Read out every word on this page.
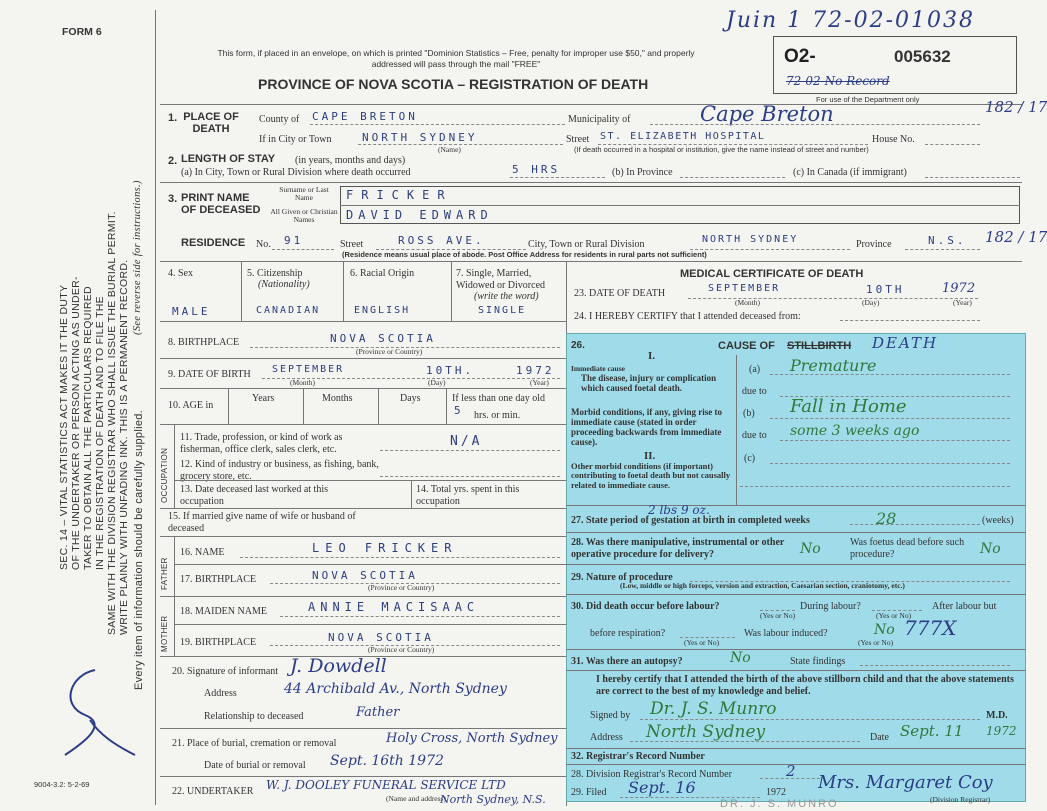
FORM 6	Juin 1 72-02-01038
O2-	005632
72-02-No Record
For use of the Department only
This form, if placed in an envelope, on which is printed "Dominion Statistics – Free, penalty for improper use $50," and properly addressed will pass through the mail "FREE"
PROVINCE OF NOVA SCOTIA – REGISTRATION OF DEATH
SEC. 14 – VITAL STATISTICS ACT MAKES IT THE DUTY OF THE UNDERTAKER OR PERSON ACTING AS UNDER- TAKER TO OBTAIN ALL THE PARTICULARS REQUIRED IN THE REGISTRATION OF DEATH AND TO FILE THE SAME WITH THE DIVISION REGISTRAR WHO SHALL ISSUE THE BURIAL PERMIT. WRITE PLAINLY WITH UNFADING INK. THIS IS A PERMANENT RECORD.
(See reverse side for instructions.)
Every item of information should be carefully supplied.
9004-3.2: 5-2-69
1. PLACE OF DEATH
County of CAPE BRETON	Municipality of	Cape Breton
If in City or Town	NORTH SYDNEY
(Name)
Street ST. ELIZABETH HOSPITAL	House No.
(If death occurred in a hospital or institution, give the name instead of street and number)
182 / 17
2. LENGTH OF STAY (in years, months and days)
(a) In City, Town or Rural Division where death occurred	5 HRS	(b) In Province	(c) In Canada (if immigrant)
3. PRINT NAME OF DECEASED
Surname or Last Name
All Given or Christian Names
FRICKER
DAVID EDWARD
RESIDENCE No. 91	Street	ROSS AVE.	City, Town or Rural Division	NORTH SYDNEY	Province	N.S.
(Residence means usual place of abode. Post Office Address for residents in rural parts not sufficient)
182 / 17
4. Sex
MALE
5. Citizenship
(Nationality)
CANADIAN
6. Racial Origin
ENGLISH
7. Single, Married, Widowed or Divorced
(write the word)
SINGLE
MEDICAL CERTIFICATE OF DEATH
23. DATE OF DEATH	SEPTEMBER	10TH	1972
(Month)	(Day)	(Year)
24. I HEREBY CERTIFY that I attended deceased from:
8. BIRTHPLACE	NOVA SCOTIA
(Province or Country)
9. DATE OF BIRTH SEPTEMBER	10TH.	1972
(Month)	(Day)	(Year)
10. AGE in
Years	Months	Days	If less than one day old
5 hrs. or min.
OCCUPATION
11. Trade, profession, or kind of work as fisherman, office clerk, sales clerk, etc.
N/A
12. Kind of industry or business, as fishing, bank, grocery store, etc.
13. Date deceased last worked at this occupation
14. Total yrs. spent in this occupation
15. If married give name of wife or husband of deceased
FATHER
16. NAME	LEO FRICKER
17. BIRTHPLACE	NOVA SCOTIA
(Province or Country)
MOTHER
18. MAIDEN NAME	ANNIE MACISAAC
19. BIRTHPLACE	NOVA SCOTIA
(Province or Country)
20. Signature of informant J. Dowdell
Address	44 Archibald Av., North Sydney
Relationship to deceased	Father
21. Place of burial, cremation or removal	Holy Cross, North Sydney
Date of burial or removal Sept. 16th 1972
22. UNDERTAKER W. J. DOOLEY FUNERAL SERVICE LTD
(Name and address)
North Sydney, N.S.
26.	CAUSE OF STILLBIRTH DEATH
I.
Immediate cause
The disease, injury or complication which caused foetal death.
Morbid conditions, if any, giving rise to immediate cause (stated in order proceeding backwards from immediate cause).
II.
Other morbid conditions (if important) contributing to foetal death but not causally related to immediate cause.
(a) Premature
due to
(b) Fall in Home
due to some 3 weeks ago
(c)
2 lbs 9 oz.
27. State period of gestation at birth in completed weeks	28	(weeks)
28. Was there manipulative, instrumental or other operative procedure for delivery?	No	Was foetus dead before such procedure?	No
29. Nature of procedure
(Low, middle or high forceps, version and extraction, Caesarian section, craniotomy, etc.)
30. Did death occur before labour?
(Yes or No)
During labour?
(Yes or No)
After labour but
before respiration?
(Yes or No)
Was labour induced?	No 777X
(Yes or No)
31. Was there an autopsy?	No	State findings
I hereby certify that I attended the birth of the above stillborn child and that the above statements are correct to the best of my knowledge and belief.
Signed by Dr. J. S. Munro	M.D.
Address North Sydney	Date Sept. 11 1972
32. Registrar's Record Number
28. Division Registrar's Record Number	2
29. Filed Sept. 16	1972 Mrs. Margaret Coy
(Division Registrar)
DR. J. S. MUNRO
